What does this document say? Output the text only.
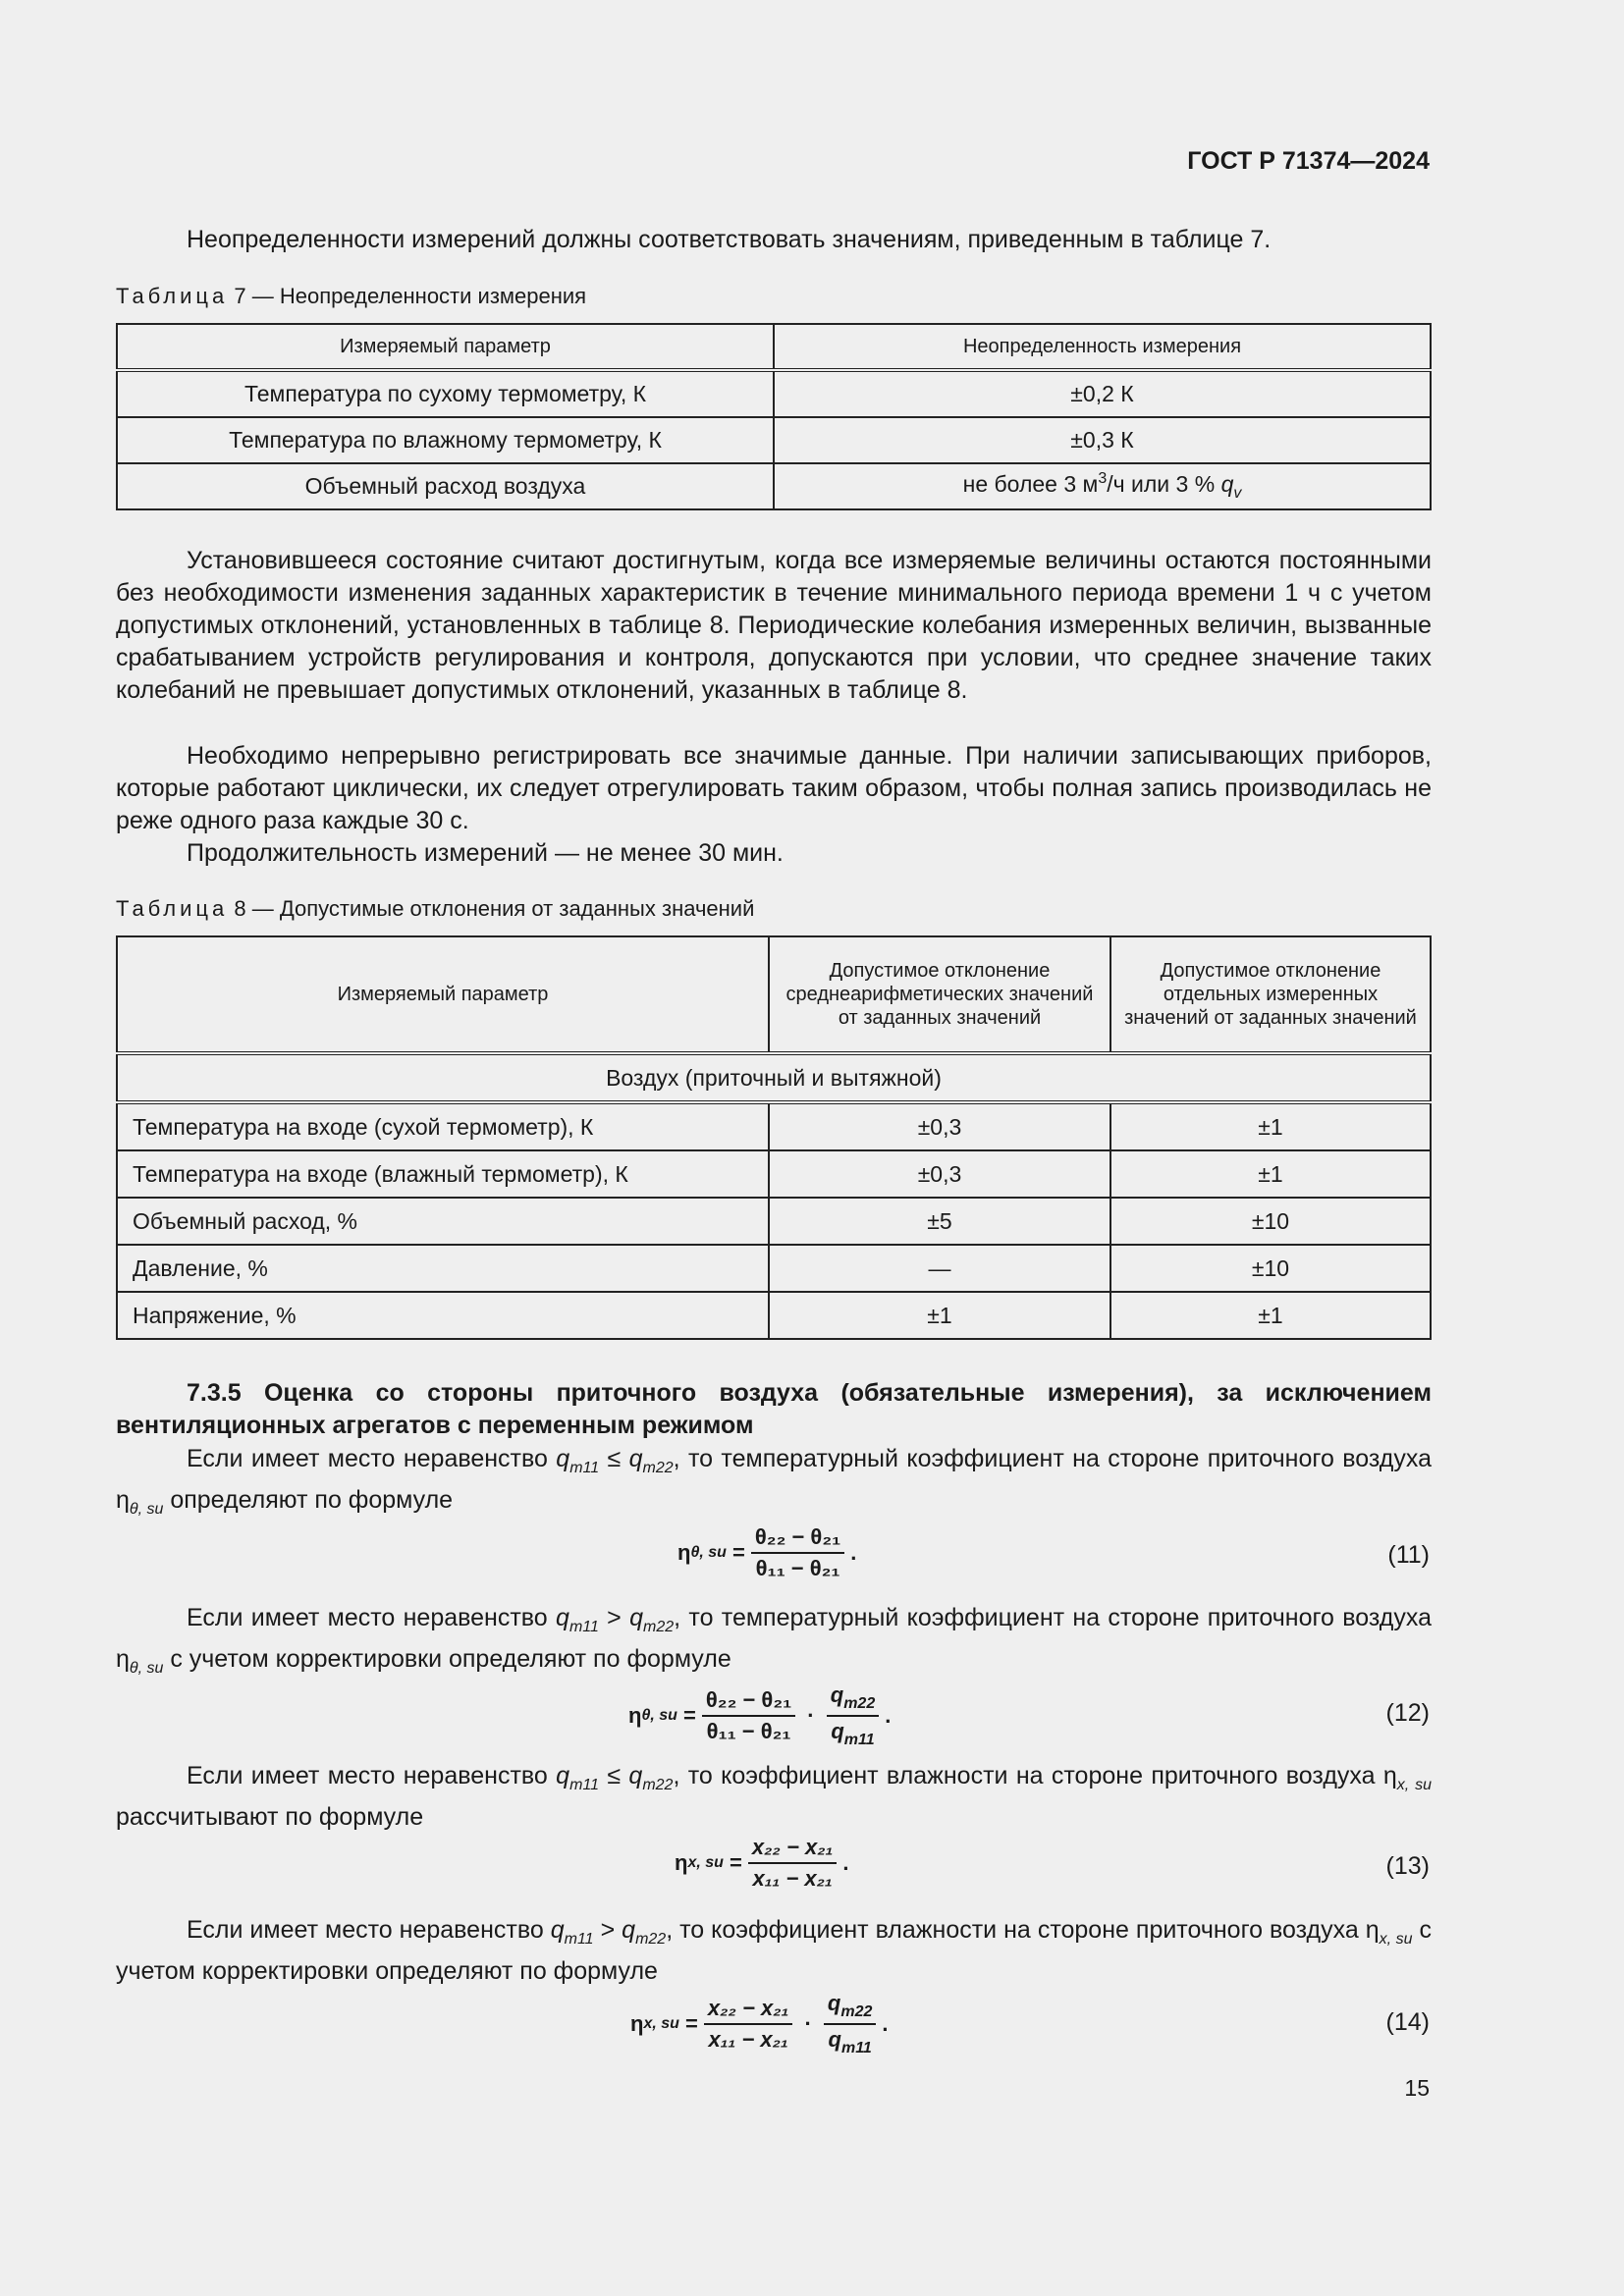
ГОСТ Р 71374—2024

Неопределенности измерений должны соответствовать значениям, приведенным в таблице 7.

Таблица 7 — Неопределенности измерения
Измеряемый параметр	Неопределенность измерения
Температура по сухому термометру, К	±0,2 К
Температура по влажному термометру, К	±0,3 К
Объемный расход воздуха	не более 3 $м^3/ч$ или 3 % $q_v$

Установившееся состояние считают достигнутым, когда все измеряемые величины остаются постоянными без необходимости изменения заданных характеристик в течение минимального периода времени 1 ч с учетом допустимых отклонений, установленных в таблице 8. Периодические колебания измеренных величин, вызванные срабатыванием устройств регулирования и контроля, допускаются при условии, что среднее значение таких колебаний не превышает допустимых отклонений, указанных в таблице 8.

Необходимо непрерывно регистрировать все значимые данные. При наличии записывающих приборов, которые работают циклически, их следует отрегулировать таким образом, чтобы полная запись производилась не реже одного раза каждые 30 с.

Продолжительность измерений — не менее 30 мин.

Таблица 8 — Допустимые отклонения от заданных значений
Измеряемый параметр	Допустимое отклонение среднеарифметических значений от заданных значений	Допустимое отклонение отдельных измеренных значений от заданных значений
Воздух (приточный и вытяжной)		
Температура на входе (сухой термометр), К	±0,3	±1
Температура на входе (влажный термометр), К	±0,3	±1
Объемный расход, %	±5	±10
Давление, %	—	±10
Напряжение, %	±1	±1

7.3.5 Оценка со стороны приточного воздуха (обязательные измерения), за исключением вентиляционных агрегатов с переменным режимом

Если имеет место неравенство $q_{m11} \le q_{m22}$, то температурный коэффициент на стороне приточного воздуха $\eta_{\theta, su}$ определяют по формуле

η θ, su = $\frac{\text{θ₂₂ − θ₂₁}}{\text{θ₁₁ − θ₂₁}}$ .	(11)

Если имеет место неравенство $q_{m11} > q_{m22}$, то температурный коэффициент на стороне приточного воздуха $\eta_{\theta, su}$ с учетом корректировки определяют по формуле

η θ, su = $\frac{\text{θ₂₂ − θ₂₁}}{\text{θ₁₁ − θ₂₁}} \cdot \frac{q_{m22}}{q_{m11}}$ .	(12)

Если имеет место неравенство $q_{m11} \le q_{m22}$, то коэффициент влажности на стороне приточного воздуха $\eta_{x, su}$ рассчитывают по формуле

η x, su = $\frac{\text{x₂₂ − x₂₁}}{\text{x₁₁ − x₂₁}}$ .	(13)

Если имеет место неравенство $q_{m11} > q_{m22}$, то коэффициент влажности на стороне приточного воздуха $\eta_{x, su}$ с учетом корректировки определяют по формуле

η x, su = $\frac{\text{x₂₂ − x₂₁}}{\text{x₁₁ − x₂₁}} \cdot \frac{q_{m22}}{q_{m11}}$ .	(14)
15
